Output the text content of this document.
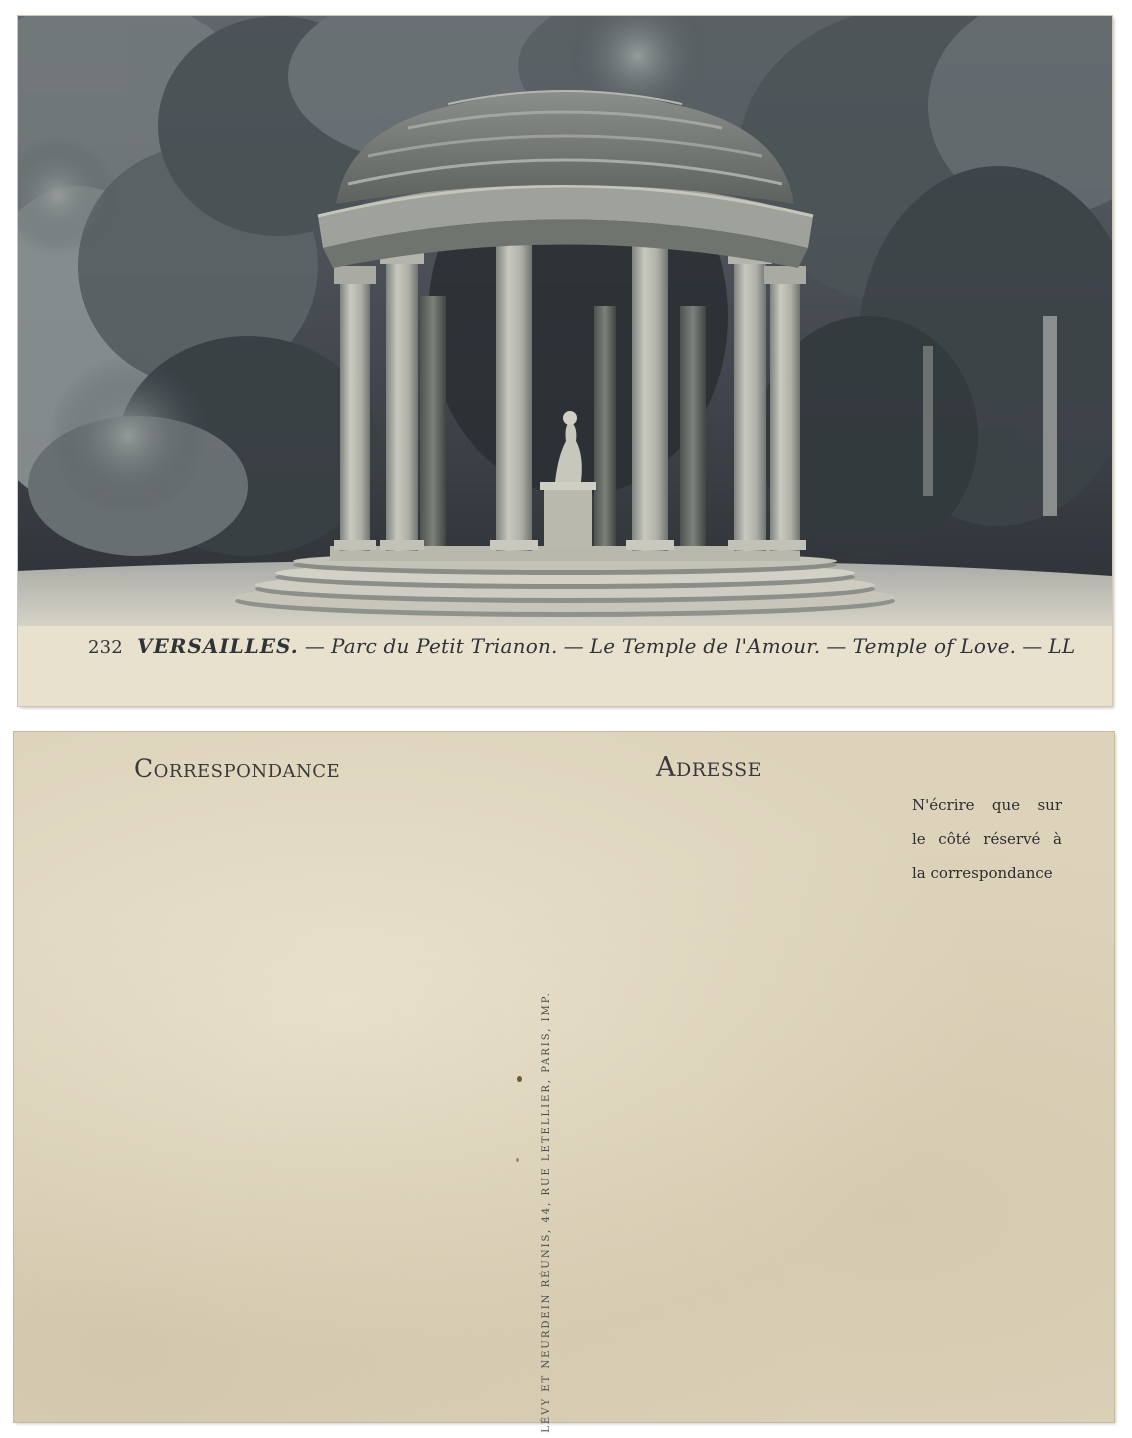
232 VERSAILLES. — Parc du Petit Trianon. — Le Temple de l'Amour. — Temple of Love. — LL
Correspondance	Adresse
N'écrire que sur
le côté réservé à
la correspondance
LÉVY ET NEURDEIN RÉUNIS, 44, RUE LETELLIER, PARIS, IMP.
